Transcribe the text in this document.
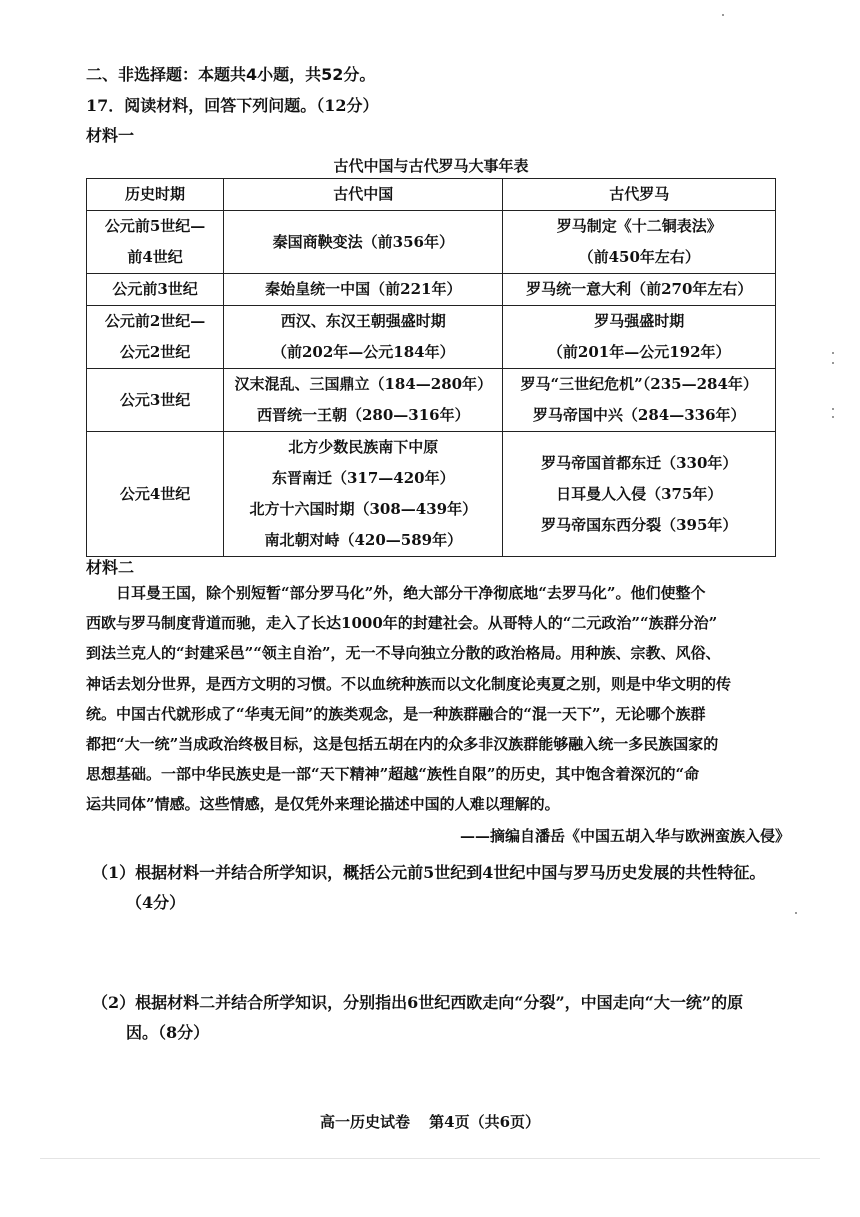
二、非选择题：本题共4小题，共52分。
17．阅读材料，回答下列问题。（12分）
材料一
古代中国与古代罗马大事年表
历史时期	古代中国	古代罗马

公元前5世纪—
前4世纪	秦国商鞅变法（前356年）	罗马制定《十二铜表法》
（前450年左右）

公元前3世纪	秦始皇统一中国（前221年）	罗马统一意大利（前270年左右）

公元前2世纪—
公元2世纪	西汉、东汉王朝强盛时期
（前202年—公元184年）	罗马强盛时期
（前201年—公元192年）

公元3世纪	汉末混乱、三国鼎立（184—280年）
西晋统一王朝（280—316年）	罗马“三世纪危机”（235—284年）
罗马帝国中兴（284—336年）

公元4世纪	北方少数民族南下中原
东晋南迁（317—420年）
北方十六国时期（308—439年）
南北朝对峙（420—589年）	罗马帝国首都东迁（330年）
日耳曼人入侵（375年）
罗马帝国东西分裂（395年）
材料二
日耳曼王国，除个别短暂“部分罗马化”外，绝大部分干净彻底地“去罗马化”。他们使整个
西欧与罗马制度背道而驰，走入了长达1000年的封建社会。从哥特人的“二元政治”“族群分治”
到法兰克人的“封建采邑”“领主自治”，无一不导向独立分散的政治格局。用种族、宗教、风俗、
神话去划分世界，是西方文明的习惯。不以血统种族而以文化制度论夷夏之别，则是中华文明的传
统。中国古代就形成了“华夷无间”的族类观念，是一种族群融合的“混一天下”，无论哪个族群
都把“大一统”当成政治终极目标，这是包括五胡在内的众多非汉族群能够融入统一多民族国家的
思想基础。一部中华民族史是一部“天下精神”超越“族性自限”的历史，其中饱含着深沉的“命
运共同体”情感。这些情感，是仅凭外来理论描述中国的人难以理解的。
——摘编自潘岳《中国五胡入华与欧洲蛮族入侵》
（1）根据材料一并结合所学知识，概括公元前5世纪到4世纪中国与罗马历史发展的共性特征。
（4分）
（2）根据材料二并结合所学知识，分别指出6世纪西欧走向“分裂”，中国走向“大一统”的原
因。（8分）
高一历史试卷 第4页（共6页）
